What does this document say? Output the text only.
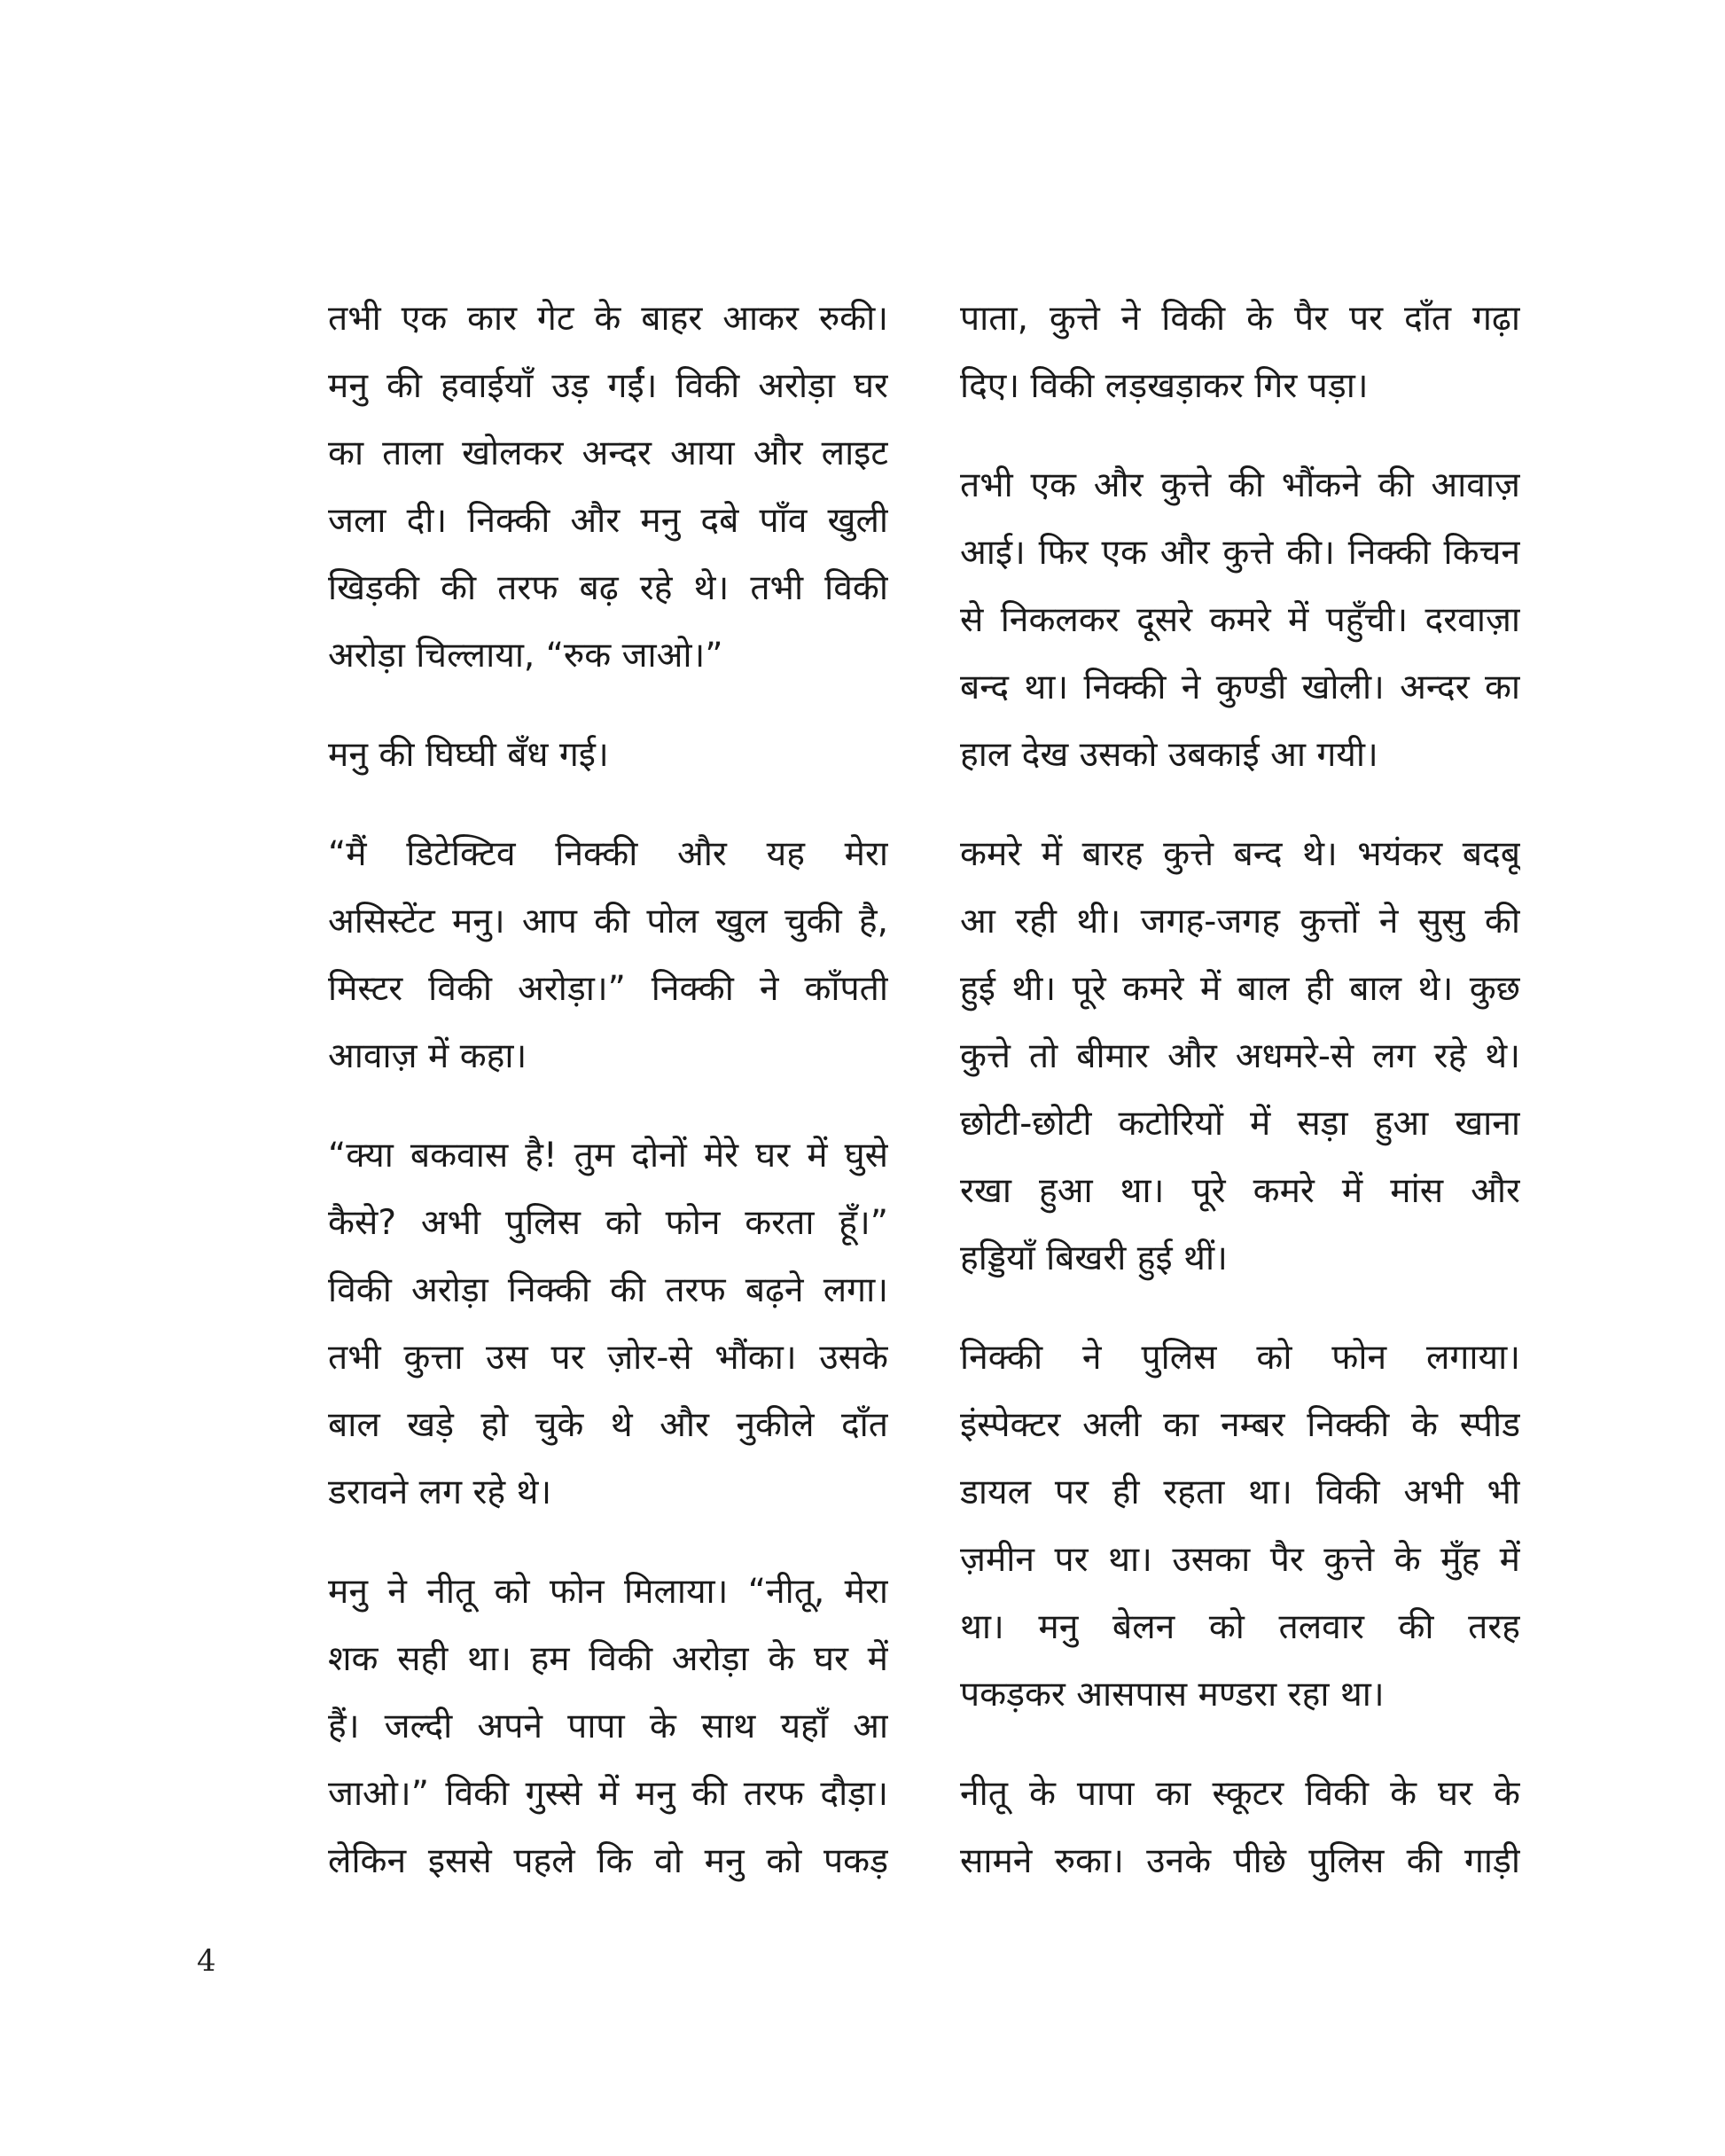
तभी एक कार गेट के बाहर आकर रुकी।
मनु की हवाईयाँ उड़ गईं। विकी अरोड़ा घर
का ताला खोलकर अन्दर आया और लाइट
जला दी। निक्की और मनु दबे पाँव खुली
खिड़की की तरफ बढ़ रहे थे। तभी विकी
अरोड़ा चिल्लाया, “रुक जाओ।”
मनु की घिघ्घी बँध गई।
“मैं डिटेक्टिव निक्की और यह मेरा
असिस्टेंट मनु। आप की पोल खुल चुकी है,
मिस्टर विकी अरोड़ा।” निक्की ने काँपती
आवाज़ में कहा।
“क्या बकवास है! तुम दोनों मेरे घर में घुसे
कैसे? अभी पुलिस को फोन करता हूँ।”
विकी अरोड़ा निक्की की तरफ बढ़ने लगा।
तभी कुत्ता उस पर ज़ोर-से भौंका। उसके
बाल खड़े हो चुके थे और नुकीले दाँत
डरावने लग रहे थे।
मनु ने नीतू को फोन मिलाया। “नीतू, मेरा
शक सही था। हम विकी अरोड़ा के घर में
हैं। जल्दी अपने पापा के साथ यहाँ आ
जाओ।” विकी गुस्से में मनु की तरफ दौड़ा।
लेकिन इससे पहले कि वो मनु को पकड़
पाता, कुत्ते ने विकी के पैर पर दाँत गढ़ा
दिए। विकी लड़खड़ाकर गिर पड़ा।
तभी एक और कुत्ते की भौंकने की आवाज़
आई। फिर एक और कुत्ते की। निक्की किचन
से निकलकर दूसरे कमरे में पहुँची। दरवाज़ा
बन्द था। निक्की ने कुण्डी खोली। अन्दर का
हाल देख उसको उबकाई आ गयी।
कमरे में बारह कुत्ते बन्द थे। भयंकर बदबू
आ रही थी। जगह-जगह कुत्तों ने सुसु की
हुई थी। पूरे कमरे में बाल ही बाल थे। कुछ
कुत्ते तो बीमार और अधमरे-से लग रहे थे।
छोटी-छोटी कटोरियों में सड़ा हुआ खाना
रखा हुआ था। पूरे कमरे में मांस और
हड्डियाँ बिखरी हुई थीं।
निक्की ने पुलिस को फोन लगाया।
इंस्पेक्टर अली का नम्बर निक्की के स्पीड
डायल पर ही रहता था। विकी अभी भी
ज़मीन पर था। उसका पैर कुत्ते के मुँह में
था। मनु बेलन को तलवार की तरह
पकड़कर आसपास मण्डरा रहा था।
नीतू के पापा का स्कूटर विकी के घर के
सामने रुका। उनके पीछे पुलिस की गाड़ी
4
